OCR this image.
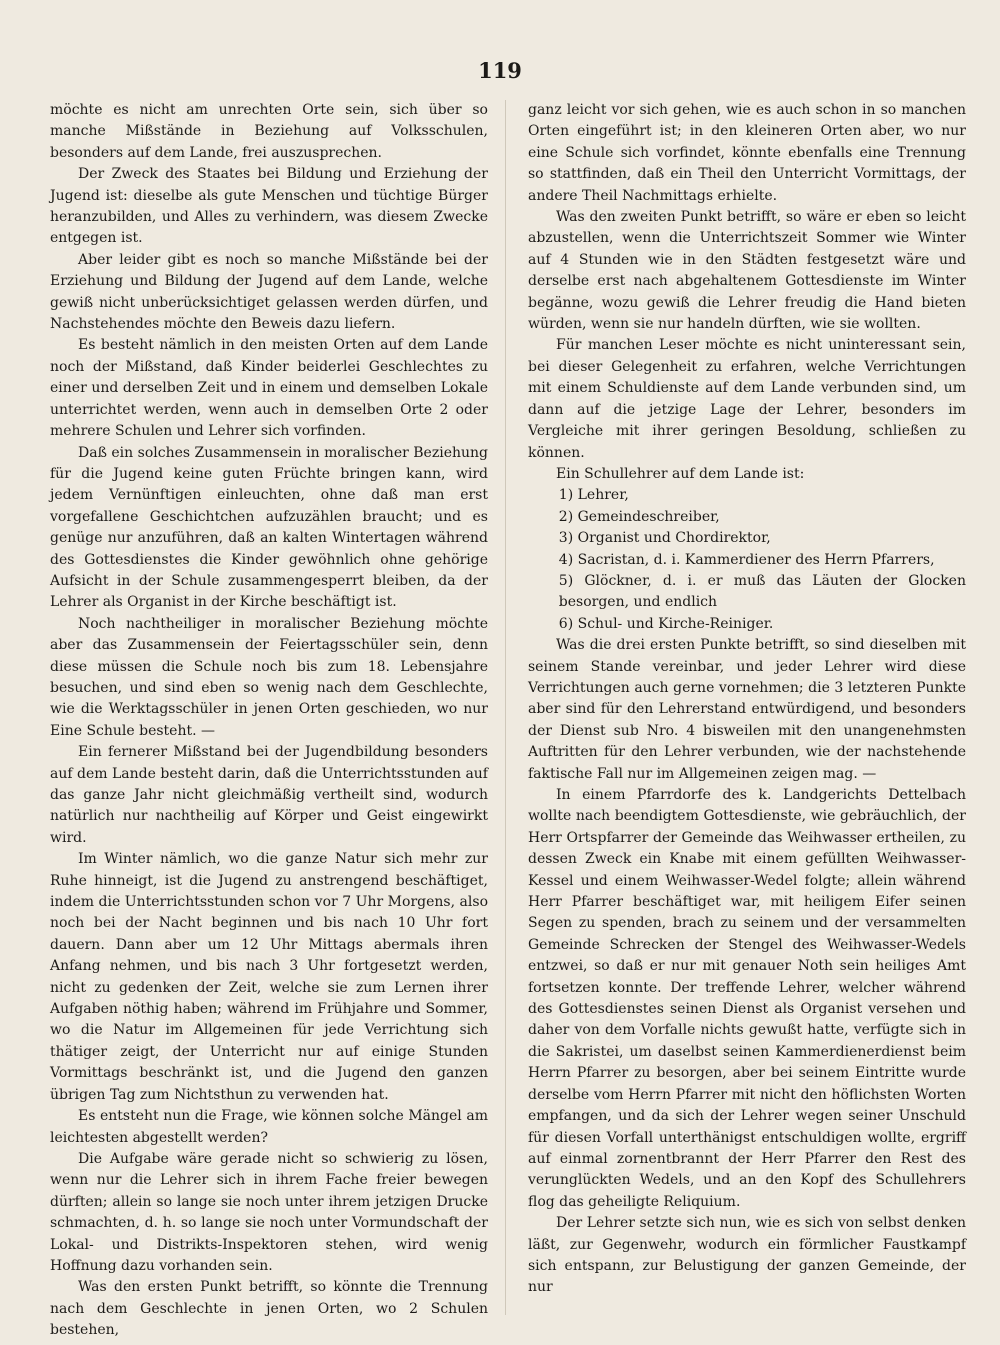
119

möchte es nicht am unrechten Orte sein, sich über so manche Mißstände in Beziehung auf Volksschulen, besonders auf dem Lande, frei auszusprechen.

Der Zweck des Staates bei Bildung und Erziehung der Jugend ist: dieselbe als gute Menschen und tüchtige Bürger heranzubilden, und Alles zu verhindern, was diesem Zwecke entgegen ist.

Aber leider gibt es noch so manche Mißstände bei der Erziehung und Bildung der Jugend auf dem Lande, welche gewiß nicht unberücksichtiget gelassen werden dürfen, und Nachstehendes möchte den Beweis dazu liefern.

Es besteht nämlich in den meisten Orten auf dem Lande noch der Mißstand, daß Kinder beiderlei Geschlechtes zu einer und derselben Zeit und in einem und demselben Lokale unterrichtet werden, wenn auch in demselben Orte 2 oder mehrere Schulen und Lehrer sich vorfinden.

Daß ein solches Zusammensein in moralischer Beziehung für die Jugend keine guten Früchte bringen kann, wird jedem Vernünftigen einleuchten, ohne daß man erst vorgefallene Geschichtchen aufzuzählen braucht; und es genüge nur anzuführen, daß an kalten Wintertagen während des Gottesdienstes die Kinder gewöhnlich ohne gehörige Aufsicht in der Schule zusammengesperrt bleiben, da der Lehrer als Organist in der Kirche beschäftigt ist.

Noch nachtheiliger in moralischer Beziehung möchte aber das Zusammensein der Feiertagsschüler sein, denn diese müssen die Schule noch bis zum 18. Lebensjahre besuchen, und sind eben so wenig nach dem Geschlechte, wie die Werktagsschüler in jenen Orten geschieden, wo nur Eine Schule besteht. —

Ein fernerer Mißstand bei der Jugendbildung besonders auf dem Lande besteht darin, daß die Unterrichtsstunden auf das ganze Jahr nicht gleichmäßig vertheilt sind, wodurch natürlich nur nachtheilig auf Körper und Geist eingewirkt wird.

Im Winter nämlich, wo die ganze Natur sich mehr zur Ruhe hinneigt, ist die Jugend zu anstrengend beschäftiget, indem die Unterrichtsstunden schon vor 7 Uhr Morgens, also noch bei der Nacht beginnen und bis nach 10 Uhr fort dauern. Dann aber um 12 Uhr Mittags abermals ihren Anfang nehmen, und bis nach 3 Uhr fortgesetzt werden, nicht zu gedenken der Zeit, welche sie zum Lernen ihrer Aufgaben nöthig haben; während im Frühjahre und Sommer, wo die Natur im Allgemeinen für jede Verrichtung sich thätiger zeigt, der Unterricht nur auf einige Stunden Vormittags beschränkt ist, und die Jugend den ganzen übrigen Tag zum Nichtsthun zu verwenden hat.

Es entsteht nun die Frage, wie können solche Mängel am leichtesten abgestellt werden?

Die Aufgabe wäre gerade nicht so schwierig zu lösen, wenn nur die Lehrer sich in ihrem Fache freier bewegen dürften; allein so lange sie noch unter ihrem jetzigen Drucke schmachten, d. h. so lange sie noch unter Vormundschaft der Lokal- und Distrikts-Inspektoren stehen, wird wenig Hoffnung dazu vorhanden sein.

Was den ersten Punkt betrifft, so könnte die Trennung nach dem Geschlechte in jenen Orten, wo 2 Schulen bestehen,

ganz leicht vor sich gehen, wie es auch schon in so manchen Orten eingeführt ist; in den kleineren Orten aber, wo nur eine Schule sich vorfindet, könnte ebenfalls eine Trennung so stattfinden, daß ein Theil den Unterricht Vormittags, der andere Theil Nachmittags erhielte.

Was den zweiten Punkt betrifft, so wäre er eben so leicht abzustellen, wenn die Unterrichtszeit Sommer wie Winter auf 4 Stunden wie in den Städten festgesetzt wäre und derselbe erst nach abgehaltenem Gottesdienste im Winter begänne, wozu gewiß die Lehrer freudig die Hand bieten würden, wenn sie nur handeln dürften, wie sie wollten.

Für manchen Leser möchte es nicht uninteressant sein, bei dieser Gelegenheit zu erfahren, welche Verrichtungen mit einem Schuldienste auf dem Lande verbunden sind, um dann auf die jetzige Lage der Lehrer, besonders im Vergleiche mit ihrer geringen Besoldung, schließen zu können.

Ein Schullehrer auf dem Lande ist:

1) Lehrer,

2) Gemeindeschreiber,

3) Organist und Chordirektor,

4) Sacristan, d. i. Kammerdiener des Herrn Pfarrers,

5) Glöckner, d. i. er muß das Läuten der Glocken besorgen, und endlich

6) Schul- und Kirche-Reiniger.

Was die drei ersten Punkte betrifft, so sind dieselben mit seinem Stande vereinbar, und jeder Lehrer wird diese Verrichtungen auch gerne vornehmen; die 3 letzteren Punkte aber sind für den Lehrerstand entwürdigend, und besonders der Dienst sub Nro. 4 bisweilen mit den unangenehmsten Auftritten für den Lehrer verbunden, wie der nachstehende faktische Fall nur im Allgemeinen zeigen mag. —

In einem Pfarrdorfe des k. Landgerichts Dettelbach wollte nach beendigtem Gottesdienste, wie gebräuchlich, der Herr Ortspfarrer der Gemeinde das Weihwasser ertheilen, zu dessen Zweck ein Knabe mit einem gefüllten Weihwasser-Kessel und einem Weihwasser-Wedel folgte; allein während Herr Pfarrer beschäftiget war, mit heiligem Eifer seinen Segen zu spenden, brach zu seinem und der versammelten Gemeinde Schrecken der Stengel des Weihwasser-Wedels entzwei, so daß er nur mit genauer Noth sein heiliges Amt fortsetzen konnte. Der treffende Lehrer, welcher während des Gottesdienstes seinen Dienst als Organist versehen und daher von dem Vorfalle nichts gewußt hatte, verfügte sich in die Sakristei, um daselbst seinen Kammerdienerdienst beim Herrn Pfarrer zu besorgen, aber bei seinem Eintritte wurde derselbe vom Herrn Pfarrer mit nicht den höflichsten Worten empfangen, und da sich der Lehrer wegen seiner Unschuld für diesen Vorfall unterthänigst entschuldigen wollte, ergriff auf einmal zornentbrannt der Herr Pfarrer den Rest des verunglückten Wedels, und an den Kopf des Schullehrers flog das geheiligte Reliquium.

Der Lehrer setzte sich nun, wie es sich von selbst denken läßt, zur Gegenwehr, wodurch ein förmlicher Faustkampf sich entspann, zur Belustigung der ganzen Gemeinde, der nur
